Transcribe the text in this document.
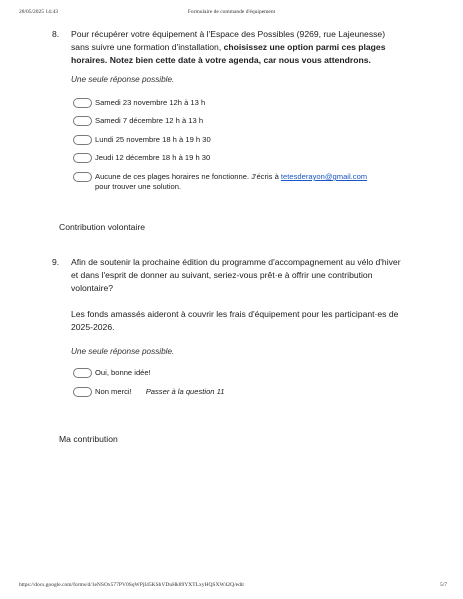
28/05/2025 14:43	Formulaire de commande d'équipement
8. Pour récupérer votre équipement à l'Espace des Possibles (9269, rue Lajeunesse) sans suivre une formation d'installation, choisissez une option parmi ces plages horaires. Notez bien cette date à votre agenda, car nous vous attendrons.

Une seule réponse possible.
Samedi 23 novembre 12h à 13 h
Samedi 7 décembre 12 h à 13 h
Lundi 25 novembre 18 h à 19 h 30
Jeudi 12 décembre 18 h à 19 h 30
Aucune de ces plages horaires ne fonctionne. J'écris à tetesderayon@gmail.com
pour trouver une solution.
Contribution volontaire
9. Afin de soutenir la prochaine édition du programme d'accompagnement au vélo d'hiver et dans l'esprit de donner au suivant, seriez-vous prêt·e à offrir une contribution volontaire?

Les fonds amassés aideront à couvrir les frais d'équipement pour les participant·es de 2025-2026.

Une seule réponse possible.
Oui, bonne idée!
Non merci! Passer à la question 11
Ma contribution
https://docs.google.com/forms/d/1eNSOx577PV0SqWPjI45KShVDuHk89YXTLxyHQSXW42Q/edit	5/7
